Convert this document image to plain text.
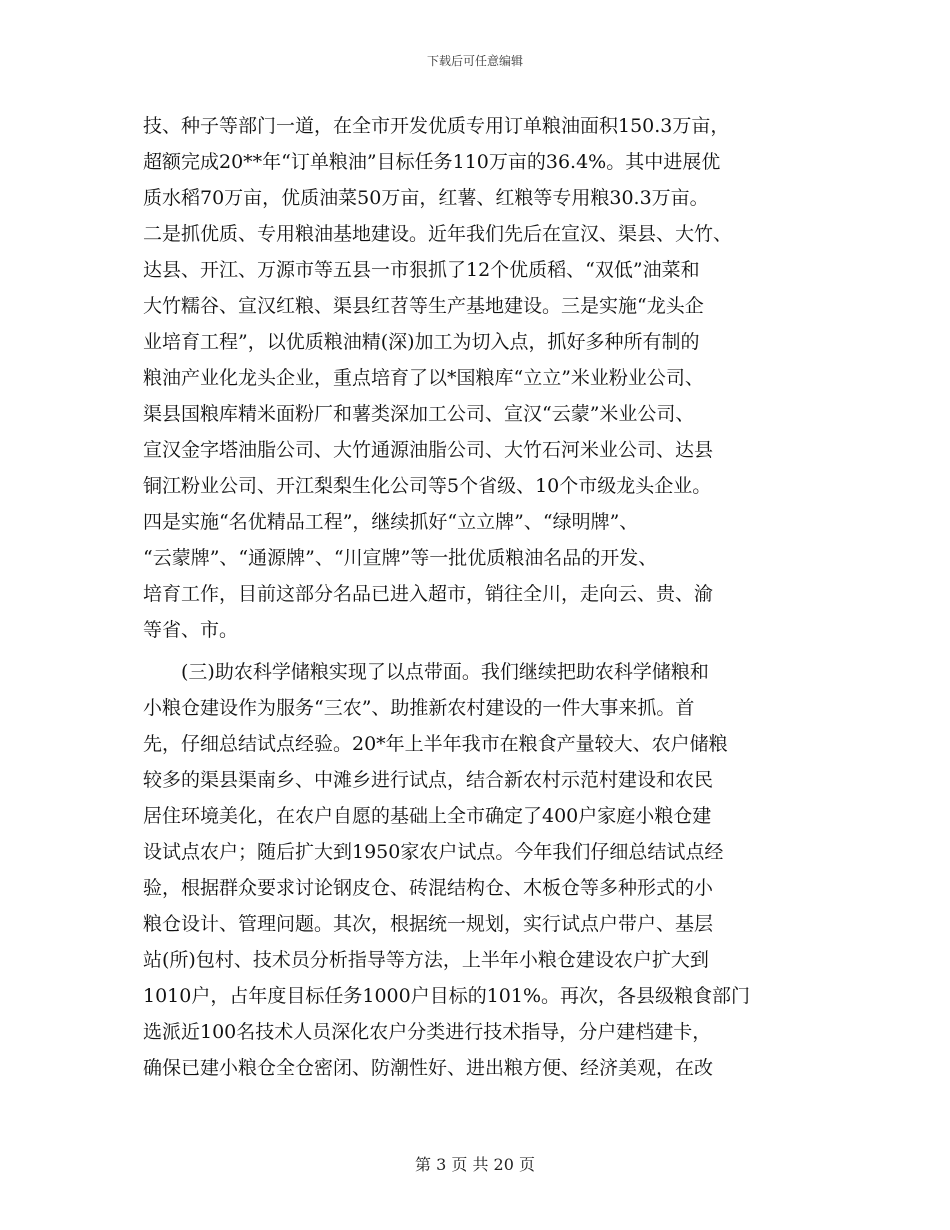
下载后可任意编辑
技、种子等部门一道，在全市开发优质专用订单粮油面积150.3万亩，
超额完成20**年“订单粮油”目标任务110万亩的36.4%。其中进展优
质水稻70万亩，优质油菜50万亩，红薯、红粮等专用粮30.3万亩。
二是抓优质、专用粮油基地建设。近年我们先后在宣汉、渠县、大竹、
达县、开江、万源市等五县一市狠抓了12个优质稻、“双低”油菜和
大竹糯谷、宣汉红粮、渠县红苕等生产基地建设。三是实施“龙头企
业培育工程”，以优质粮油精(深)加工为切入点，抓好多种所有制的
粮油产业化龙头企业，重点培育了以*国粮库“立立”米业粉业公司、
渠县国粮库精米面粉厂和薯类深加工公司、宣汉“云蒙”米业公司、
宣汉金字塔油脂公司、大竹通源油脂公司、大竹石河米业公司、达县
铜江粉业公司、开江梨梨生化公司等5个省级、10个市级龙头企业。
四是实施“名优精品工程”，继续抓好“立立牌”、“绿明牌”、
“云蒙牌”、“通源牌”、“川宣牌”等一批优质粮油名品的开发、
培育工作，目前这部分名品已进入超市，销往全川，走向云、贵、渝
等省、市。
　　(三)助农科学储粮实现了以点带面。我们继续把助农科学储粮和
小粮仓建设作为服务“三农”、助推新农村建设的一件大事来抓。首
先，仔细总结试点经验。20*年上半年我市在粮食产量较大、农户储粮
较多的渠县渠南乡、中滩乡进行试点，结合新农村示范村建设和农民
居住环境美化，在农户自愿的基础上全市确定了400户家庭小粮仓建
设试点农户；随后扩大到1950家农户试点。今年我们仔细总结试点经
验，根据群众要求讨论钢皮仓、砖混结构仓、木板仓等多种形式的小
粮仓设计、管理问题。其次，根据统一规划，实行试点户带户、基层
站(所)包村、技术员分析指导等方法，上半年小粮仓建设农户扩大到
1010户，占年度目标任务1000户目标的101%。再次，各县级粮食部门
选派近100名技术人员深化农户分类进行技术指导，分户建档建卡，
确保已建小粮仓全仓密闭、防潮性好、进出粮方便、经济美观，在改
第 3 页 共 20 页
